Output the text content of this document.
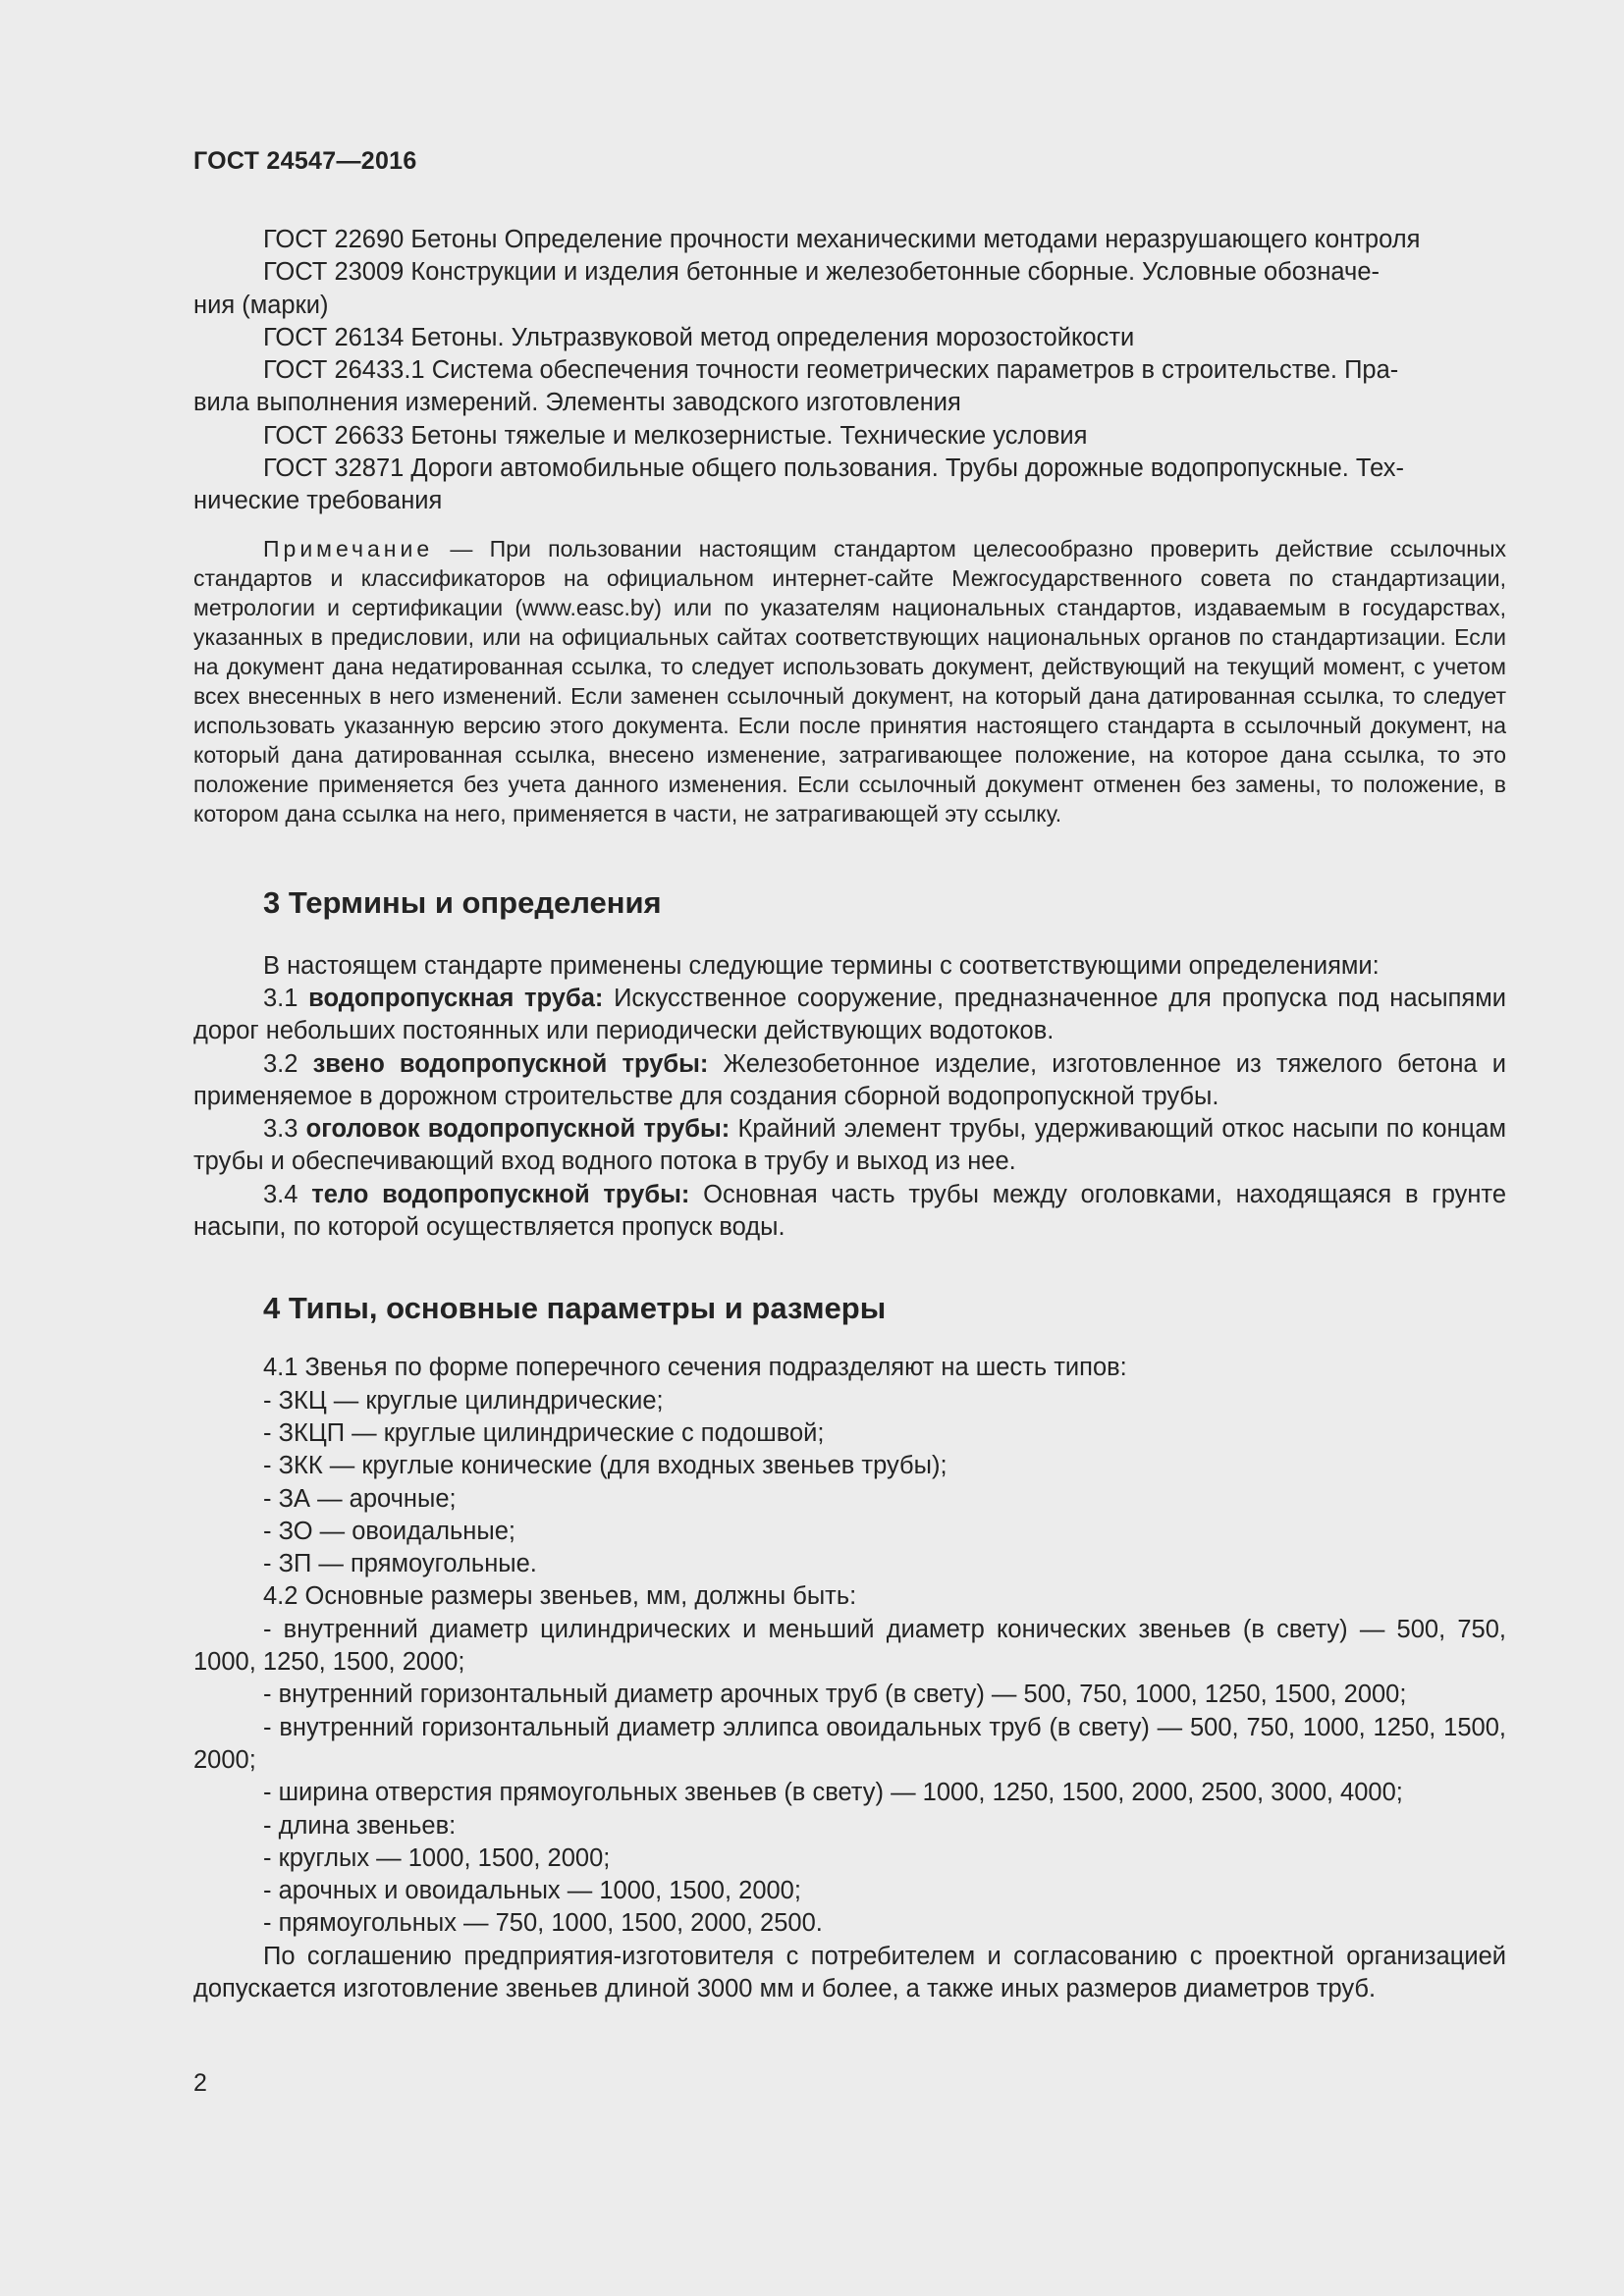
ГОСТ 24547—2016

ГОСТ 22690 Бетоны Определение прочности механическими методами неразрушающего контроля

ГОСТ 23009 Конструкции и изделия бетонные и железобетонные сборные. Условные обозначе-
ния (марки)

ГОСТ 26134 Бетоны. Ультразвуковой метод определения морозостойкости

ГОСТ 26433.1 Система обеспечения точности геометрических параметров в строительстве. Пра-
вила выполнения измерений. Элементы заводского изготовления

ГОСТ 26633 Бетоны тяжелые и мелкозернистые. Технические условия

ГОСТ 32871 Дороги автомобильные общего пользования. Трубы дорожные водопропускные. Тех-
нические требования

Примечание — При пользовании настоящим стандартом целесообразно проверить действие ссылочных стандартов и классификаторов на официальном интернет-сайте Межгосударственного совета по стандартизации, метрологии и сертификации (www.easc.by) или по указателям национальных стандартов, издаваемым в государствах, указанных в предисловии, или на официальных сайтах соответствующих национальных органов по стандартизации. Если на документ дана недатированная ссылка, то следует использовать документ, действующий на текущий момент, с учетом всех внесенных в него изменений. Если заменен ссылочный документ, на который дана датированная ссылка, то следует использовать указанную версию этого документа. Если после принятия настоящего стандарта в ссылочный документ, на который дана датированная ссылка, внесено изменение, затрагивающее положение, на которое дана ссылка, то это положение применяется без учета данного изменения. Если ссылочный документ отменен без замены, то положение, в котором дана ссылка на него, применяется в части, не затрагивающей эту ссылку.

3 Термины и определения

В настоящем стандарте применены следующие термины с соответствующими определениями:

3.1 водопропускная труба: Искусственное сооружение, предназначенное для пропуска под насыпями дорог небольших постоянных или периодически действующих водотоков.

3.2 звено водопропускной трубы: Железобетонное изделие, изготовленное из тяжелого бетона и применяемое в дорожном строительстве для создания сборной водопропускной трубы.

3.3 оголовок водопропускной трубы: Крайний элемент трубы, удерживающий откос насыпи по концам трубы и обеспечивающий вход водного потока в трубу и выход из нее.

3.4 тело водопропускной трубы: Основная часть трубы между оголовками, находящаяся в грунте насыпи, по которой осуществляется пропуск воды.

4 Типы, основные параметры и размеры

4.1 Звенья по форме поперечного сечения подразделяют на шесть типов:

- ЗКЦ — круглые цилиндрические;

- ЗКЦП — круглые цилиндрические с подошвой;

- ЗКК — круглые конические (для входных звеньев трубы);

- ЗА — арочные;

- ЗО — овоидальные;

- ЗП — прямоугольные.

4.2 Основные размеры звеньев, мм, должны быть:

- внутренний диаметр цилиндрических и меньший диаметр конических звеньев (в свету) — 500, 750, 1000, 1250, 1500, 2000;

- внутренний горизонтальный диаметр арочных труб (в свету) — 500, 750, 1000, 1250, 1500, 2000;

- внутренний горизонтальный диаметр эллипса овоидальных труб (в свету) — 500, 750, 1000, 1250, 1500, 2000;

- ширина отверстия прямоугольных звеньев (в свету) — 1000, 1250, 1500, 2000, 2500, 3000, 4000;

- длина звеньев:

- круглых — 1000, 1500, 2000;

- арочных и овоидальных — 1000, 1500, 2000;

- прямоугольных — 750, 1000, 1500, 2000, 2500.

По соглашению предприятия-изготовителя с потребителем и согласованию с проектной организацией допускается изготовление звеньев длиной 3000 мм и более, а также иных размеров диаметров труб.

2
